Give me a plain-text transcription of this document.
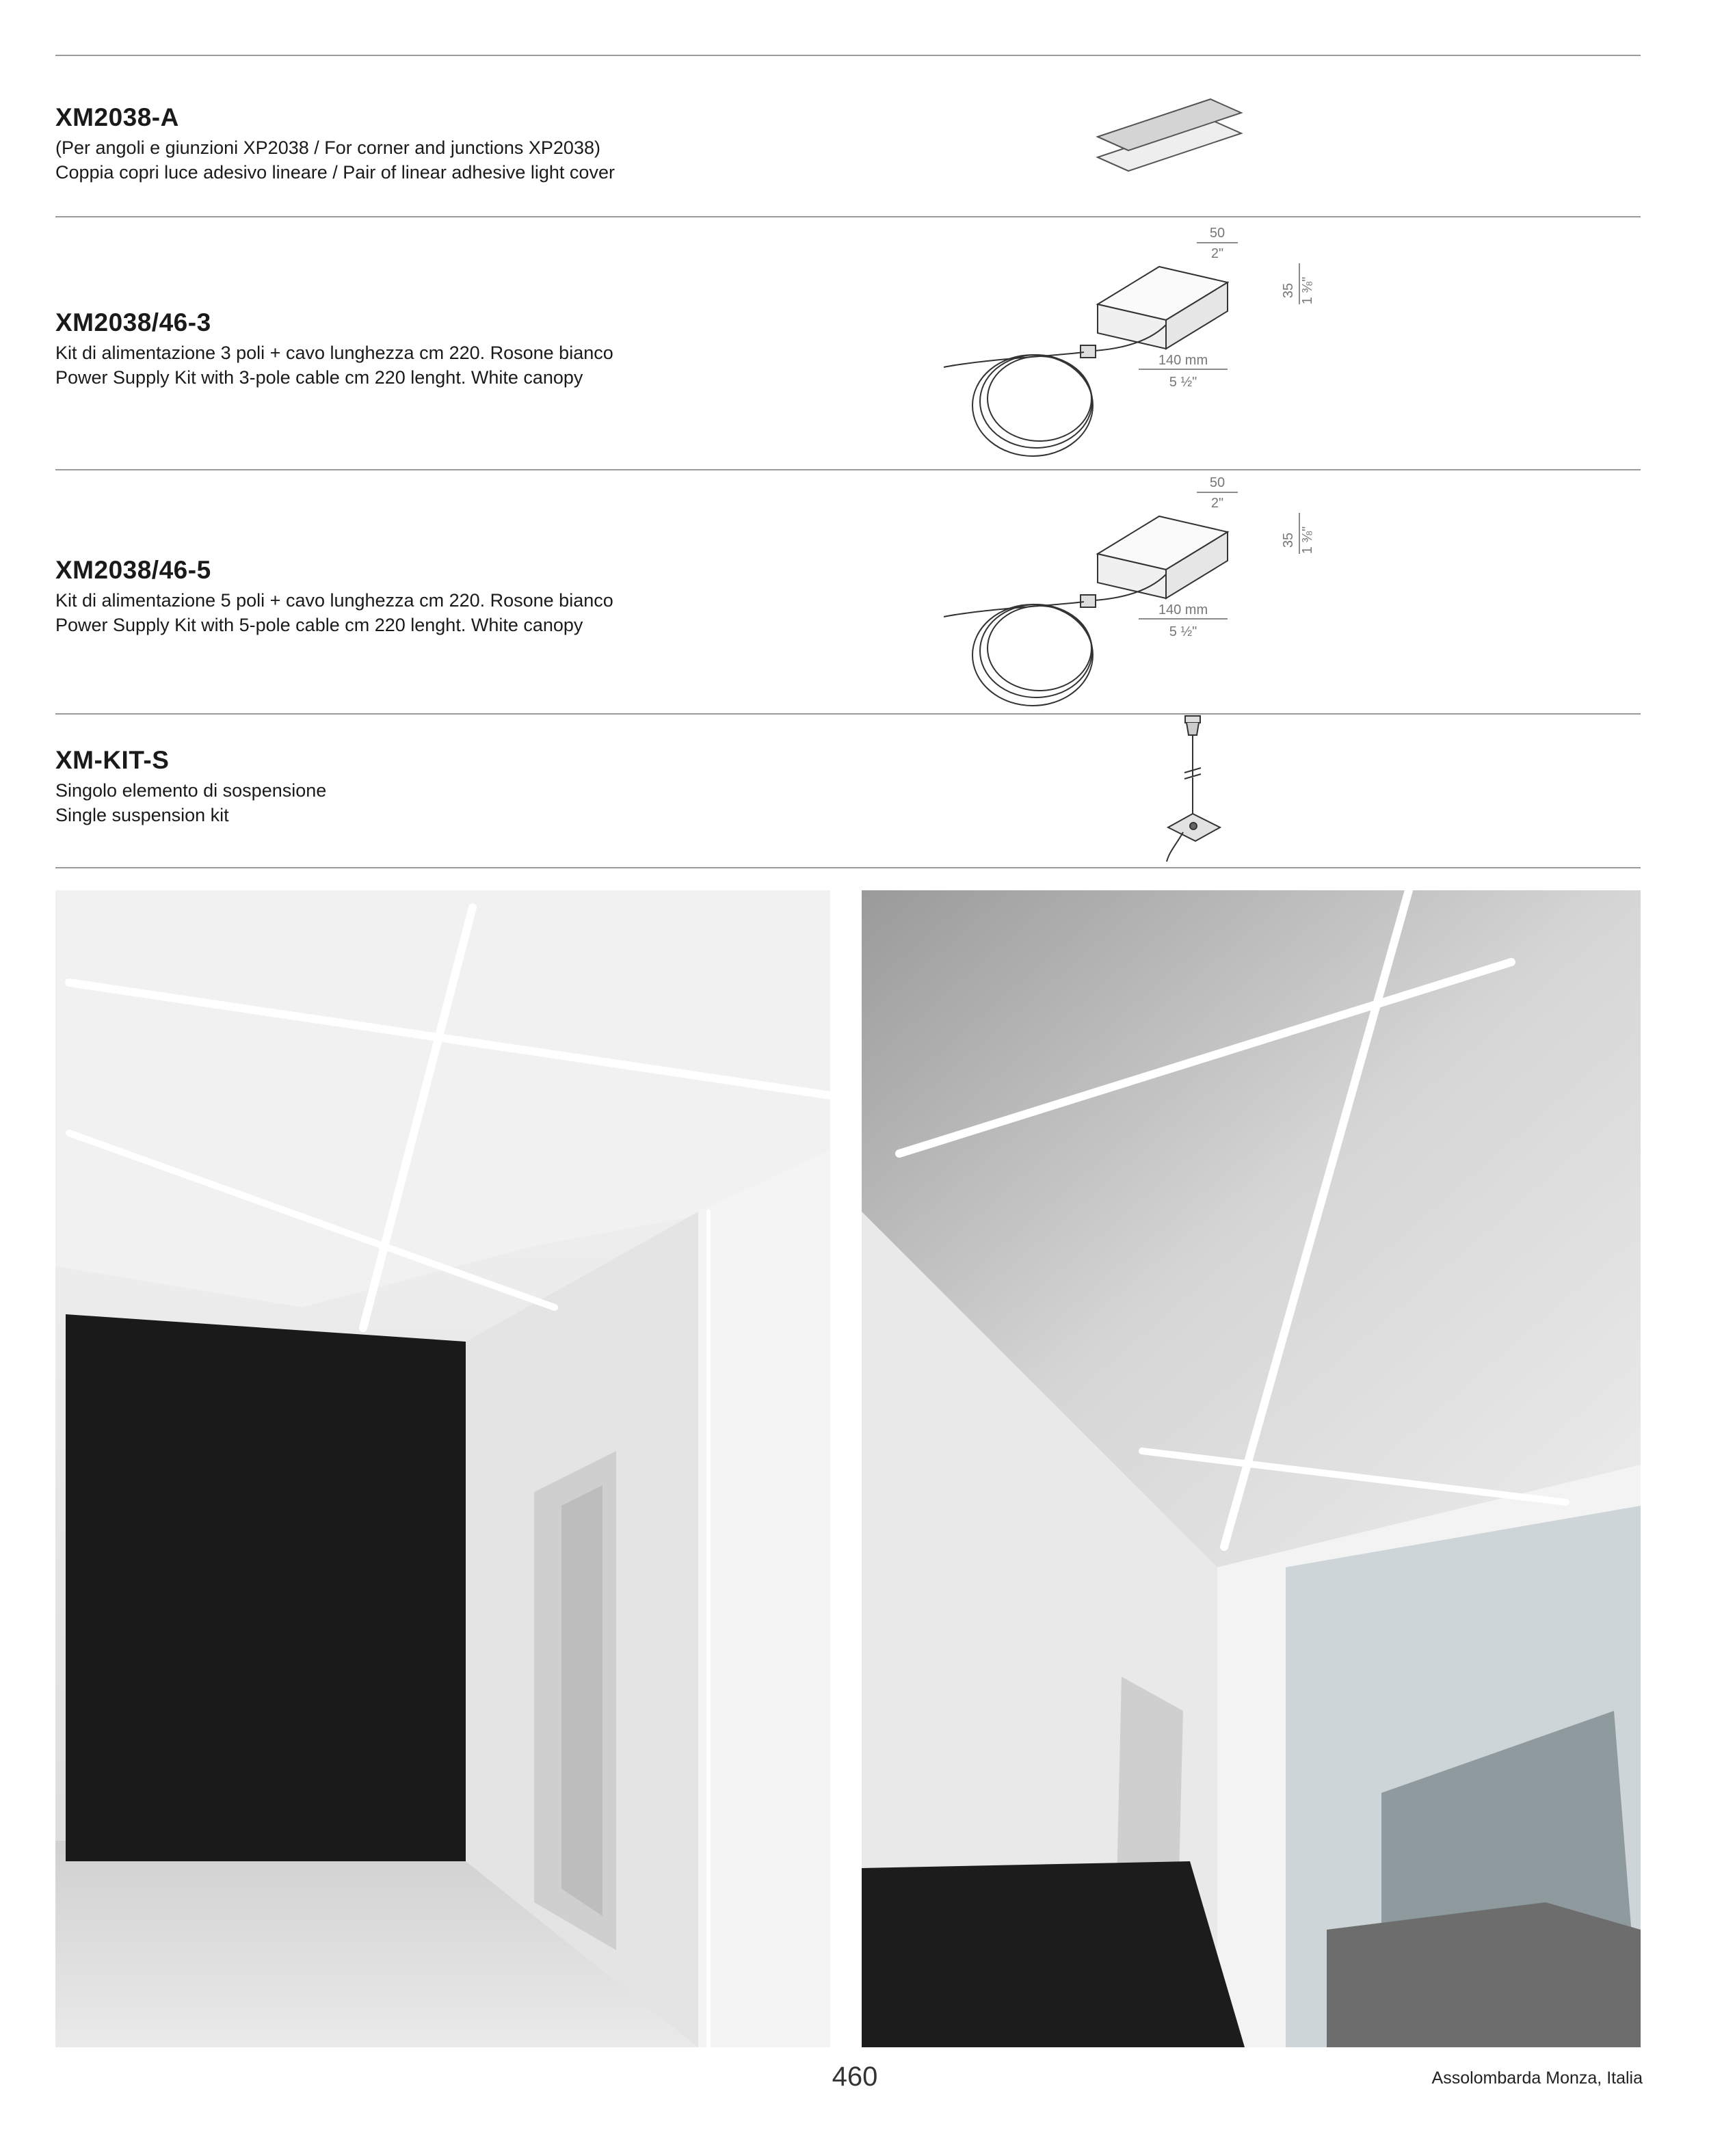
XM2038-A
(Per angoli e giunzioni XP2038 / For corner and junctions XP2038)
Coppia copri luce adesivo lineare / Pair of linear adhesive light cover
XM2038/46-3
Kit di alimentazione 3 poli + cavo lunghezza cm 220. Rosone bianco
Power Supply Kit with 3-pole cable cm 220 lenght. White canopy
50
2"
35 1 ⅜"
140 mm
5 ½"
XM2038/46-5
Kit di alimentazione 5 poli + cavo lunghezza cm 220. Rosone bianco
Power Supply Kit with 5-pole cable cm 220 lenght. White canopy
50
2"
35 1 ⅜"
140 mm
5 ½"
XM-KIT-S
Singolo elemento di sospensione
Single suspension kit
460	Assolombarda Monza, Italia
